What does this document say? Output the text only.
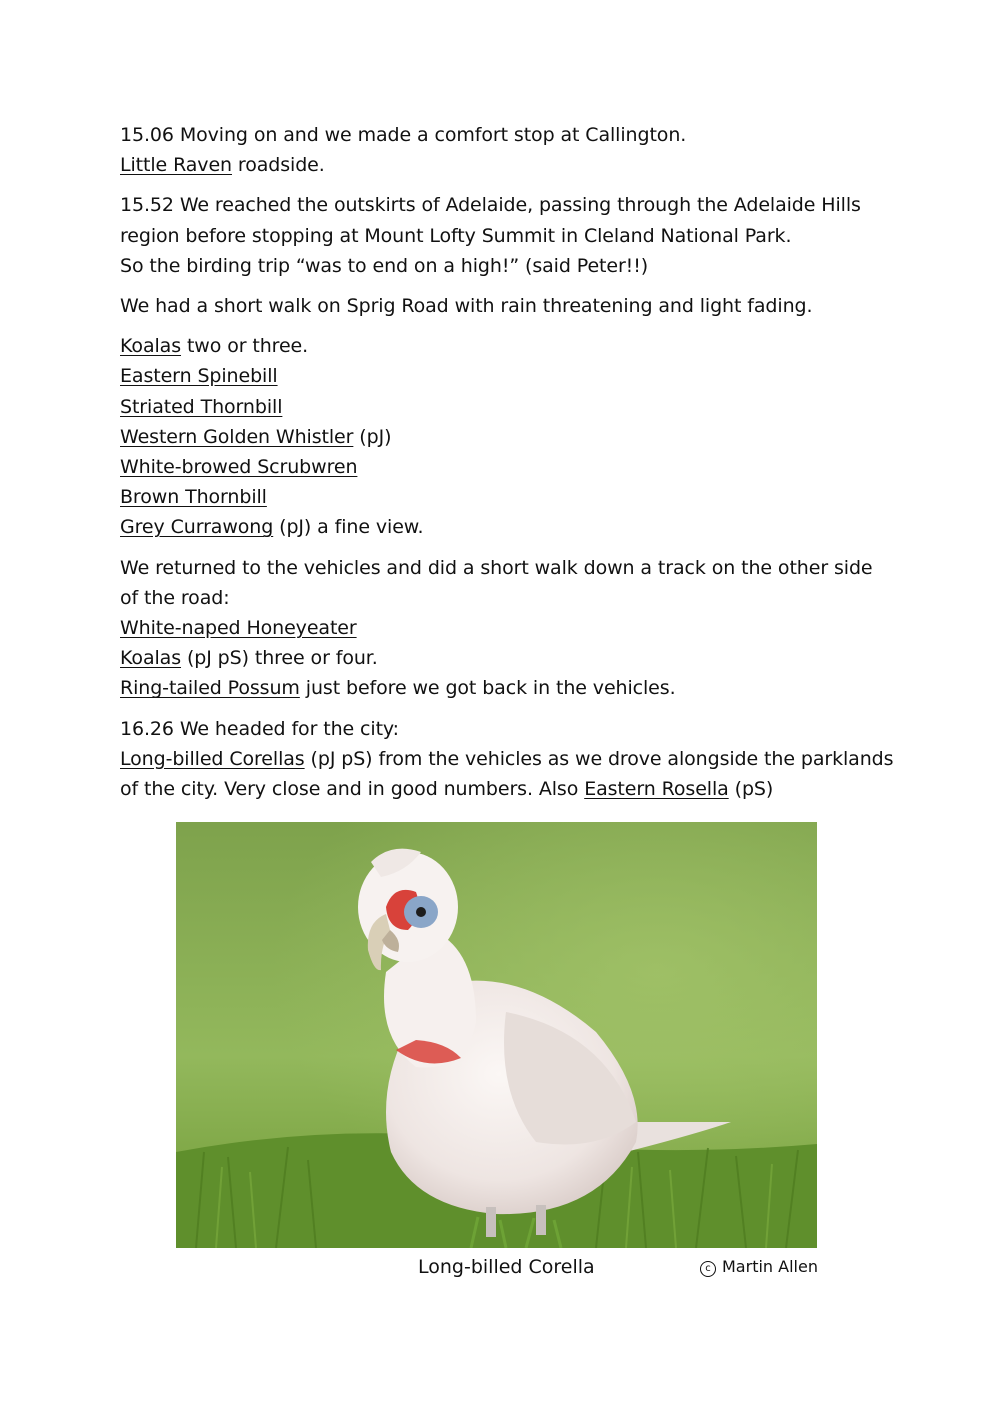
15.06 Moving on and we made a comfort stop at Callington.
Little Raven roadside.

15.52 We reached the outskirts of Adelaide, passing through the Adelaide Hills
region before stopping at Mount Lofty Summit in Cleland National Park.
So the birding trip “was to end on a high!” (said Peter!!)

We had a short walk on Sprig Road with rain threatening and light fading.

Koalas two or three.
Eastern Spinebill
Striated Thornbill
Western Golden Whistler (pJ)
White-browed Scrubwren
Brown Thornbill
Grey Currawong (pJ) a fine view.

We returned to the vehicles and did a short walk down a track on the other side
of the road:
White-naped Honeyeater
Koalas (pJ pS) three or four.
Ring-tailed Possum just before we got back in the vehicles.

16.26 We headed for the city:
Long-billed Corellas (pJ pS) from the vehicles as we drove alongside the parklands
of the city. Very close and in good numbers. Also Eastern Rosella (pS)

Long-billed Corella	c Martin Allen
